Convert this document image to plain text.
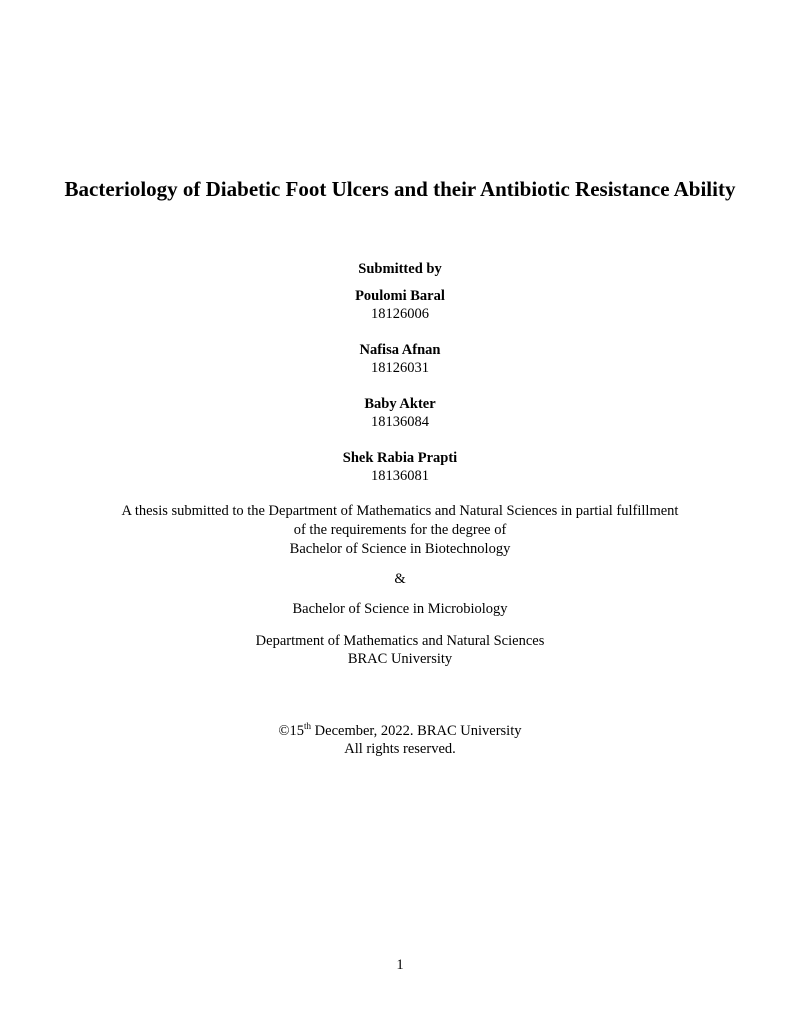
Bacteriology of Diabetic Foot Ulcers and their Antibiotic Resistance Ability
Submitted by
Poulomi Baral
18126006
Nafisa Afnan
18126031
Baby Akter
18136084
Shek Rabia Prapti
18136081
A thesis submitted to the Department of Mathematics and Natural Sciences in partial fulfillment
of the requirements for the degree of
Bachelor of Science in Biotechnology
&
Bachelor of Science in Microbiology
Department of Mathematics and Natural Sciences
BRAC University
©15th December, 2022. BRAC University
All rights reserved.
1
